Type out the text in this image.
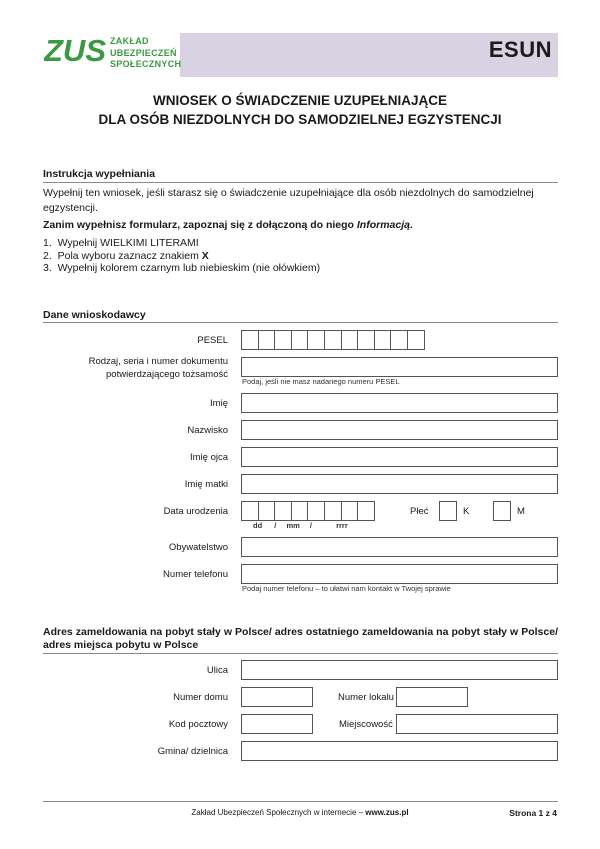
ZUS ZAKŁAD
UBEZPIECZEŃ
SPOŁECZNYCH
ESUN
WNIOSEK O ŚWIADCZENIE UZUPEŁNIAJĄCE
DLA OSÓB NIEZDOLNYCH DO SAMODZIELNEJ EGZYSTENCJI
Instrukcja wypełniania
Wypełnij ten wniosek, jeśli starasz się o świadczenie uzupełniające dla osób niezdolnych do samodzielnej egzystencji.
Zanim wypełnisz formularz, zapoznaj się z dołączoną do niego Informacją.
1. Wypełnij WIELKIMI LITERAMI
2. Pola wyboru zaznacz znakiem X
3. Wypełnij kolorem czarnym lub niebieskim (nie ołówkiem)
Dane wnioskodawcy
PESEL
Rodzaj, seria i numer dokumentu
potwierdzającego tożsamość
Podaj, jeśli nie masz nadanego numeru PESEL
Imię
Nazwisko
Imię ojca
Imię matki
Data urodzenia
dd / mm /	rrrr
Płeć	K	M
Obywatelstwo
Numer telefonu
Podaj numer telefonu – to ułatwi nam kontakt w Twojej sprawie
Adres zameldowania na pobyt stały w Polsce/ adres ostatniego zameldowania na pobyt stały w Polsce/
adres miejsca pobytu w Polsce
Ulica
Numer domu	Numer lokalu
Kod pocztowy	Miejscowość
Gmina/ dzielnica
Zakład Ubezpieczeń Społecznych w internecie – www.zus.pl	Strona 1 z 4
